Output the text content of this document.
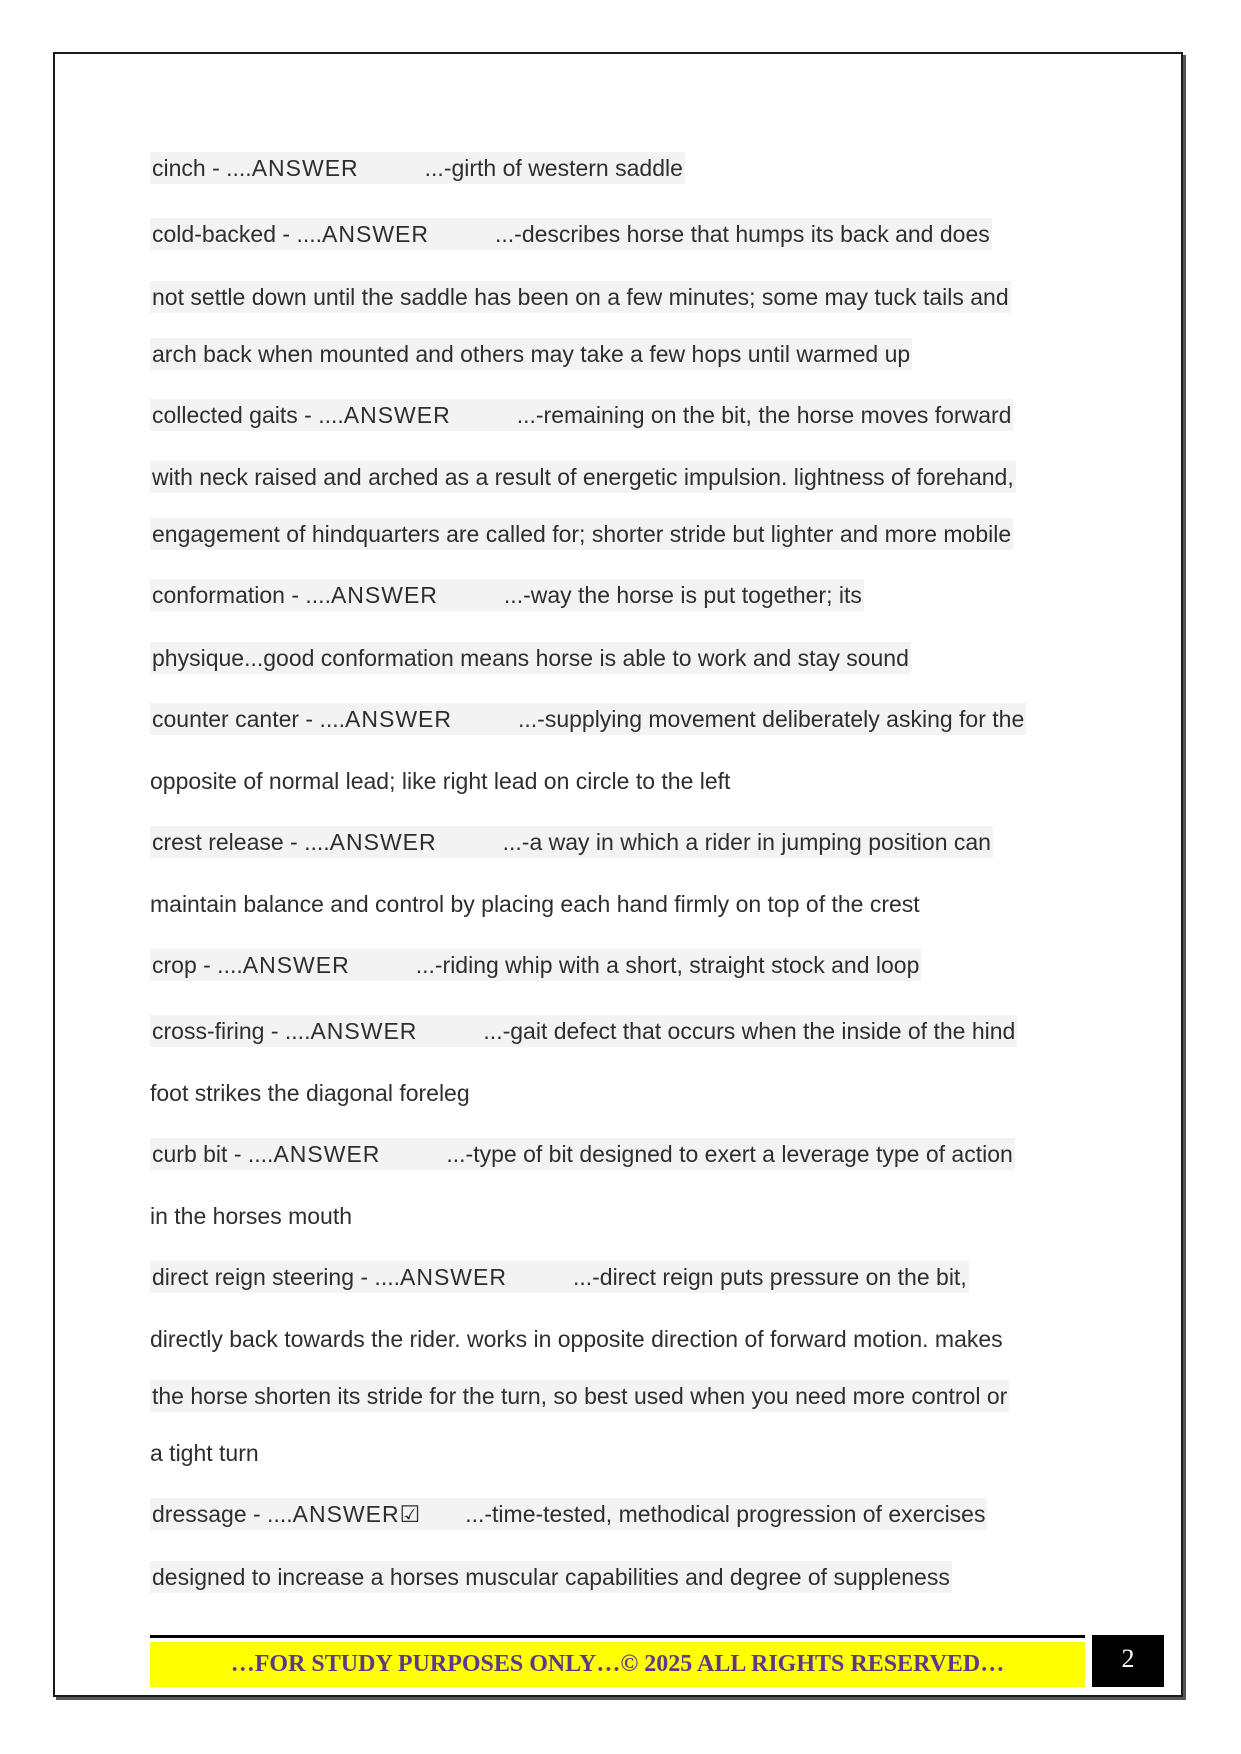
cinch - ....ANSWER	...-girth of western saddle
cold-backed - ....ANSWER	...-describes horse that humps its back and does
not settle down until the saddle has been on a few minutes; some may tuck tails and
arch back when mounted and others may take a few hops until warmed up
collected gaits - ....ANSWER	...-remaining on the bit, the horse moves forward
with neck raised and arched as a result of energetic impulsion. lightness of forehand,
engagement of hindquarters are called for; shorter stride but lighter and more mobile
conformation - ....ANSWER	...-way the horse is put together; its
physique...good conformation means horse is able to work and stay sound
counter canter - ....ANSWER	...-supplying movement deliberately asking for the
opposite of normal lead; like right lead on circle to the left
crest release - ....ANSWER	...-a way in which a rider in jumping position can
maintain balance and control by placing each hand firmly on top of the crest
crop - ....ANSWER	...-riding whip with a short, straight stock and loop
cross-firing - ....ANSWER	...-gait defect that occurs when the inside of the hind
foot strikes the diagonal foreleg
curb bit - ....ANSWER	...-type of bit designed to exert a leverage type of action
in the horses mouth
direct reign steering - ....ANSWER	...-direct reign puts pressure on the bit,
directly back towards the rider. works in opposite direction of forward motion. makes
the horse shorten its stride for the turn, so best used when you need more control or
a tight turn
dressage - ....ANSWER☑ ...-time-tested, methodical progression of exercises
designed to increase a horses muscular capabilities and degree of suppleness
…FOR STUDY PURPOSES ONLY…© 2025 ALL RIGHTS RESERVED…	2
